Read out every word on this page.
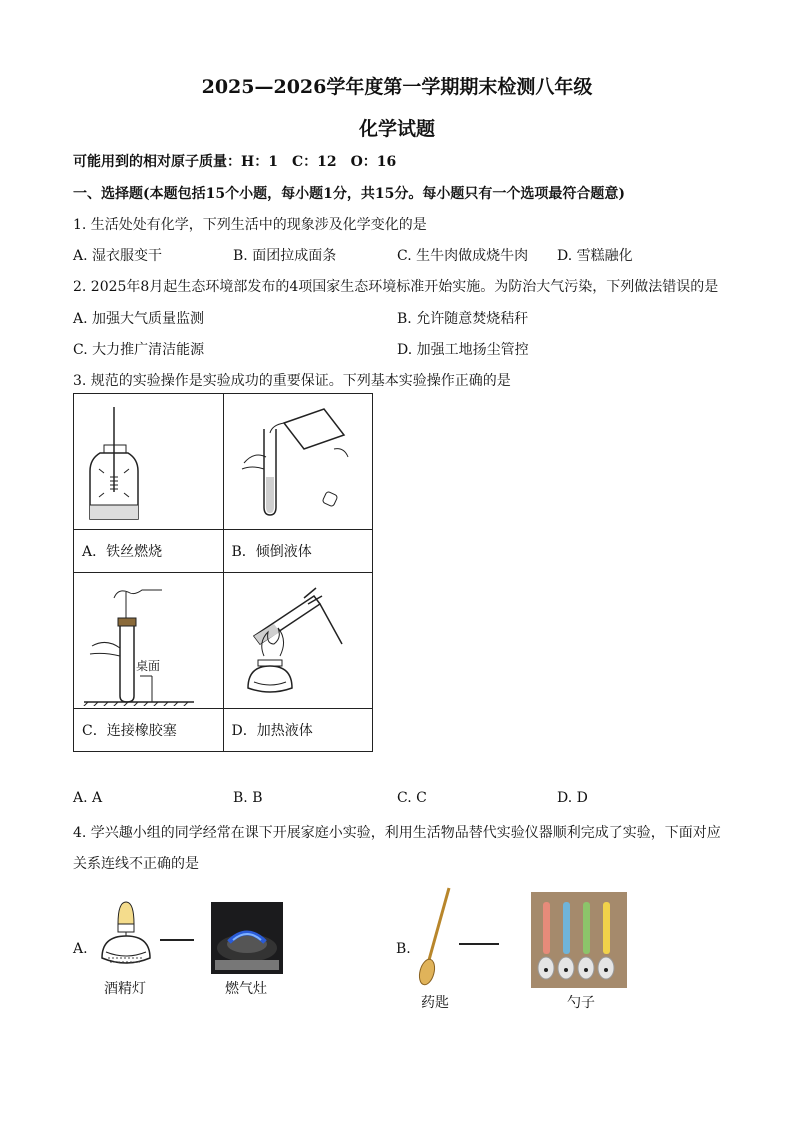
2025—2026学年度第一学期期末检测八年级
化学试题
可能用到的相对原子质量：H：1　C：12　O：16
一、选择题(本题包括15个小题，每小题1分，共15分。每小题只有一个选项最符合题意)
1. 生活处处有化学，下列生活中的现象涉及化学变化的是
A. 湿衣服变干	B. 面团拉成面条	C. 生牛肉做成烧牛肉 D. 雪糕融化
2. 2025年8月起生态环境部发布的4项国家生态环境标准开始实施。为防治大气污染，下列做法错误的是
A. 加强大气质量监测	B. 允许随意焚烧秸秆
C. 大力推广清洁能源	D. 加强工地扬尘管控
3. 规范的实验操作是实验成功的重要保证。下列基本实验操作正确的是

A．铁丝燃烧	B．倾倒液体

桌面

C．连接橡胶塞	D．加热液体
A. A	B. B	C. C	D. D
4. 学兴趣小组的同学经常在课下开展家庭小实验，利用生活物品替代实验仪器顺利完成了实验，下面对应
关系连线不正确的是
A.
酒精灯	燃气灶
B.
药匙	勺子
